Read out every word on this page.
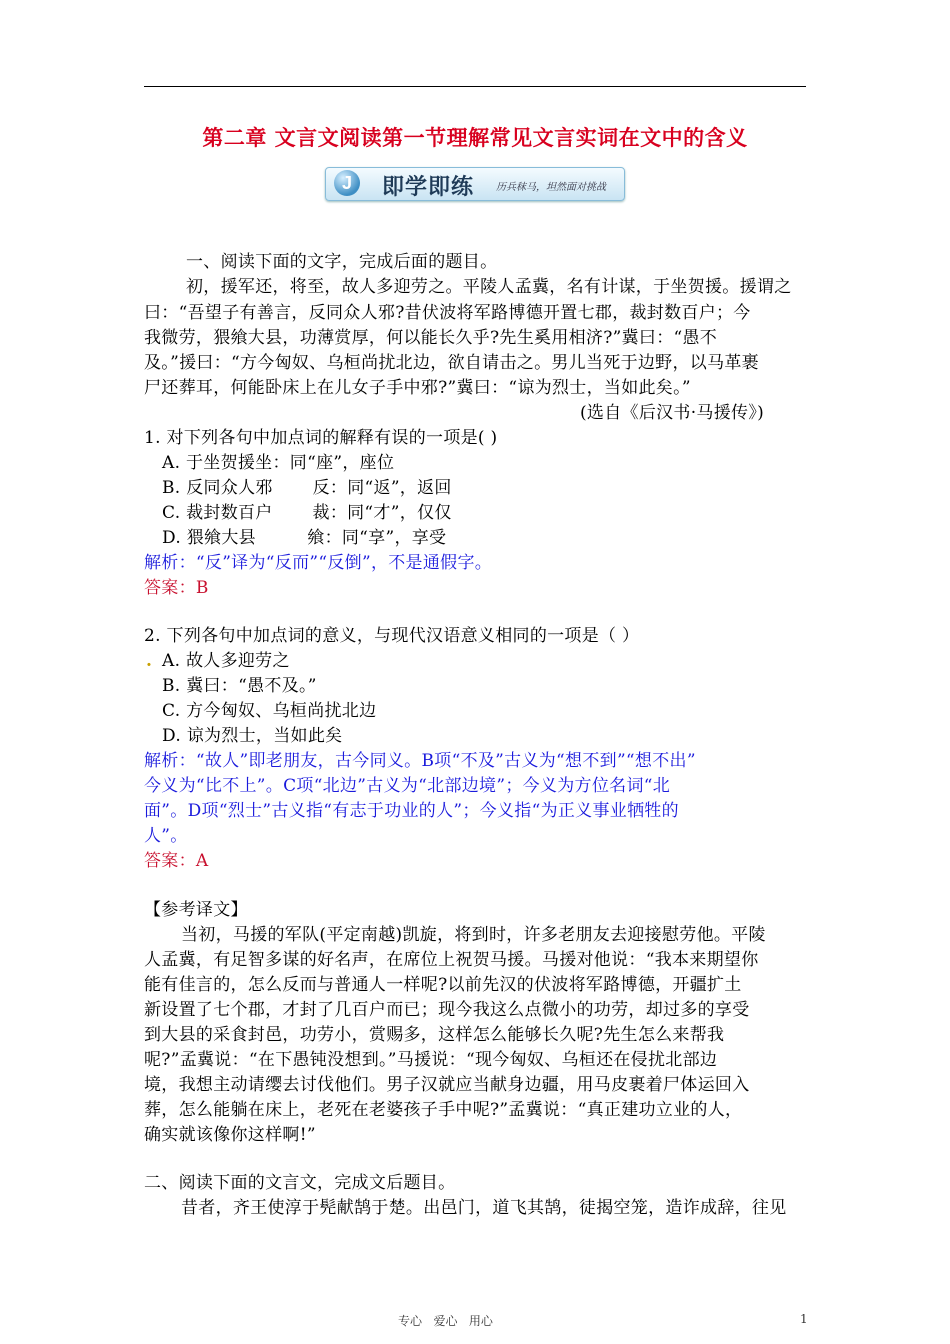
第二章 文言文阅读第一节理解常见文言实词在文中的含义
J	即学即练 历兵秣马，坦然面对挑战
一、阅读下面的文字，完成后面的题目。
初，援军还，将至，故人多迎劳之。平陵人孟冀，名有计谋，于坐贺援。援谓之
曰：“吾望子有善言，反同众人邪?昔伏波将军路博德开置七郡，裁封数百户；今
我微劳，猥飨大县，功薄赏厚，何以能长久乎?先生奚用相济?”冀曰：“愚不
及。”援曰：“方今匈奴、乌桓尚扰北边，欲自请击之。男儿当死于边野，以马革裹
尸还葬耳，何能卧床上在儿女子手中邪?”冀曰：“谅为烈士，当如此矣。”
(选自《后汉书·马援传》)
1. 对下列各句中加点词的解释有误的一项是( )
A. 于坐贺援坐：同“座”，座位
B. 反同众人邪       反：同“返”，返回
C. 裁封数百户       裁：同“才”，仅仅
D. 猥飨大县         飨：同“享”，享受
解析：“反”译为“反而”“反倒”，不是通假字。
答案：B
2. 下列各句中加点词的意义，与现代汉语意义相同的一项是（ ）
. A. 故人多迎劳之
B. 冀曰：“愚不及。”
C. 方今匈奴、乌桓尚扰北边
D. 谅为烈士，当如此矣
解析：“故人”即老朋友，古今同义。B项“不及”古义为“想不到”“想不出”
今义为“比不上”。C项“北边”古义为“北部边境”；今义为方位名词“北
面”。D项“烈士”古义指“有志于功业的人”；今义指“为正义事业牺牲的
人”。
答案：A
【参考译文】
当初，马援的军队(平定南越)凯旋，将到时，许多老朋友去迎接慰劳他。平陵
人孟冀，有足智多谋的好名声，在席位上祝贺马援。马援对他说：“我本来期望你
能有佳言的，怎么反而与普通人一样呢?以前先汉的伏波将军路博德，开疆扩土
新设置了七个郡，才封了几百户而已；现今我这么点微小的功劳，却过多的享受
到大县的采食封邑，功劳小，赏赐多，这样怎么能够长久呢?先生怎么来帮我
呢?”孟冀说：“在下愚钝没想到。”马援说：“现今匈奴、乌桓还在侵扰北部边
境，我想主动请缨去讨伐他们。男子汉就应当献身边疆，用马皮裹着尸体运回入
葬，怎么能躺在床上，老死在老婆孩子手中呢?”孟冀说：“真正建功立业的人，
确实就该像你这样啊!”
二、阅读下面的文言文，完成文后题目。
昔者，齐王使淳于髡献鹄于楚。出邑门，道飞其鹄，徒揭空笼，造诈成辞，往见
专心   爱心   用心	1
